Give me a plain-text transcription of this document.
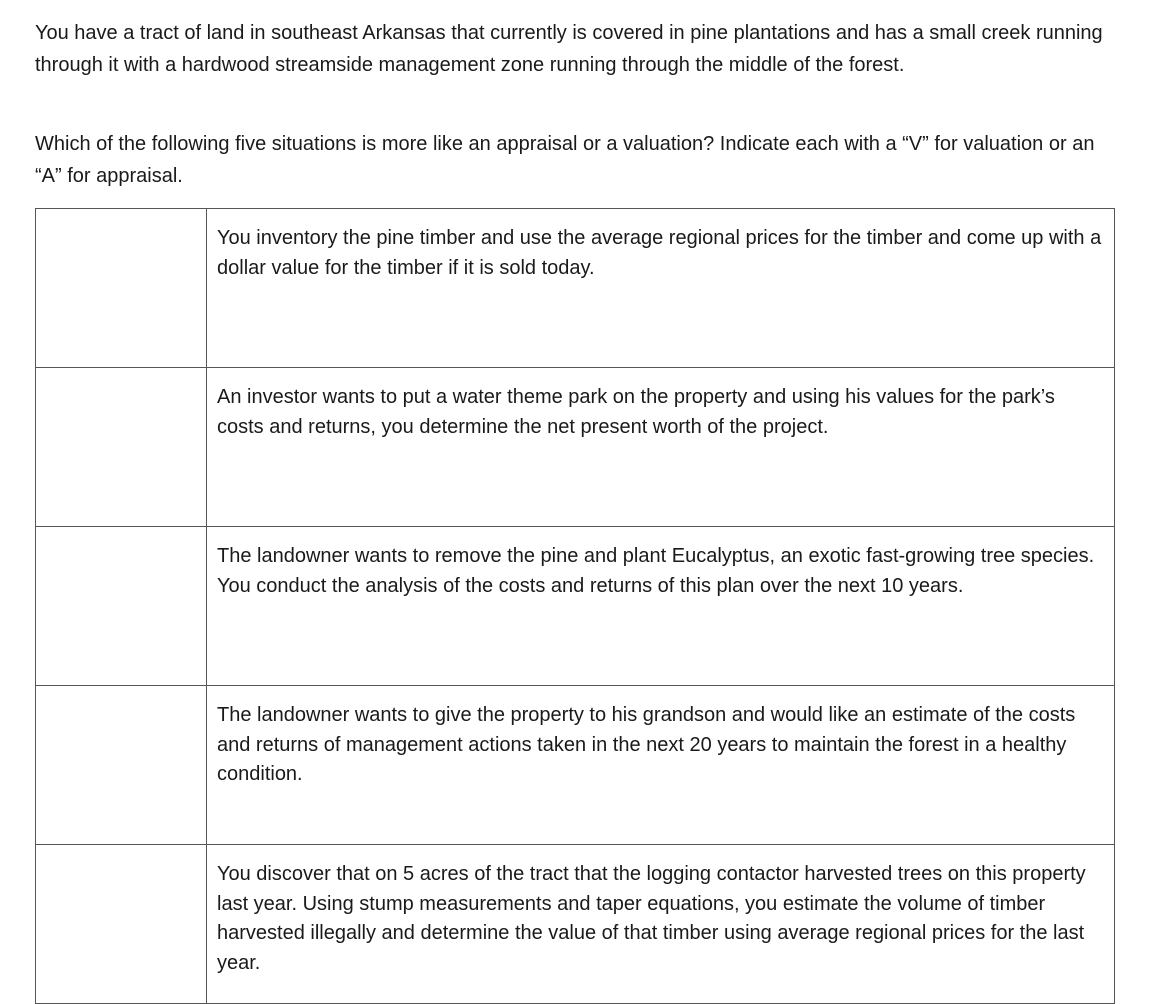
You have a tract of land in southeast Arkansas that currently is covered in pine plantations and has a small creek running through it with a hardwood streamside management zone running through the middle of the forest.

Which of the following five situations is more like an appraisal or a valuation? Indicate each with a “V” for valuation or an “A” for appraisal.

	You inventory the pine timber and use the average regional prices for the timber and come up with a dollar value for the timber if it is sold today.
	An investor wants to put a water theme park on the property and using his values for the park’s costs and returns, you determine the net present worth of the project.
	The landowner wants to remove the pine and plant Eucalyptus, an exotic fast-growing tree species. You conduct the analysis of the costs and returns of this plan over the next 10 years.
	The landowner wants to give the property to his grandson and would like an estimate of the costs and returns of management actions taken in the next 20 years to maintain the forest in a healthy condition.
	You discover that on 5 acres of the tract that the logging contactor harvested trees on this property last year. Using stump measurements and taper equations, you estimate the volume of timber harvested illegally and determine the value of that timber using average regional prices for the last year.
